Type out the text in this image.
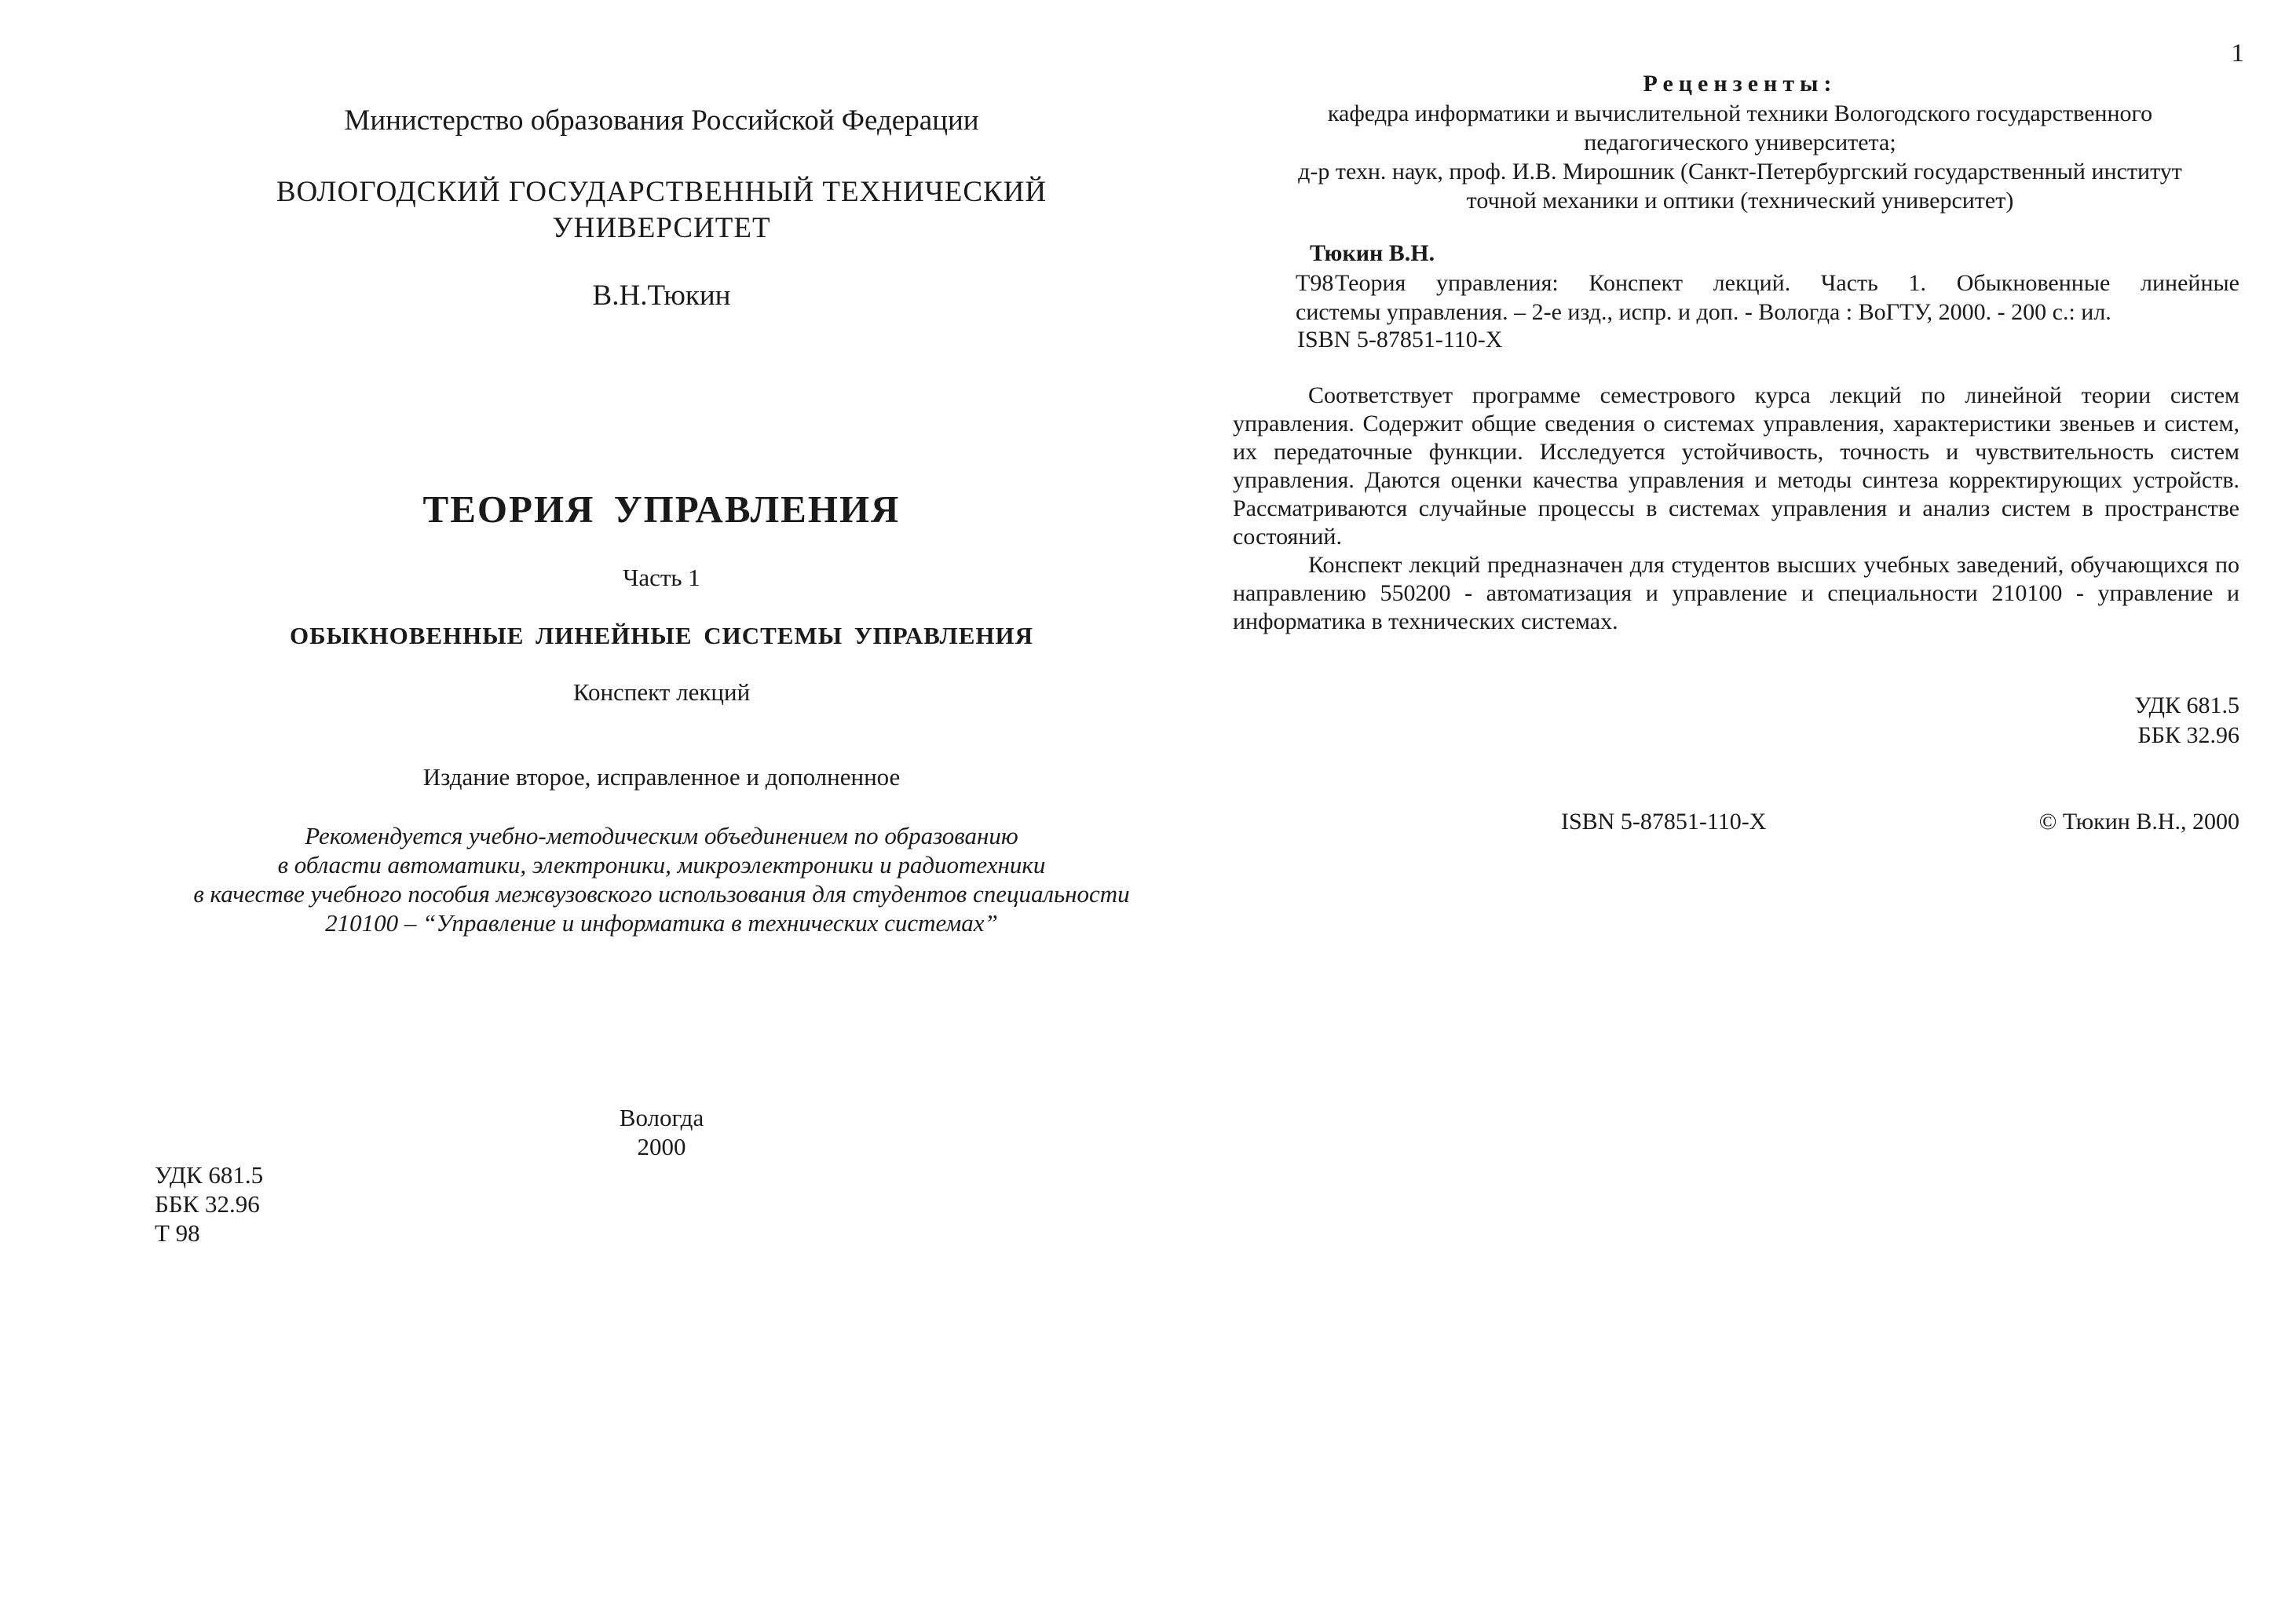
Министерство образования Российской Федерации
ВОЛОГОДСКИЙ ГОСУДАРСТВЕННЫЙ ТЕХНИЧЕСКИЙ
УНИВЕРСИТЕТ
В.Н.Тюкин
ТЕОРИЯ УПРАВЛЕНИЯ
Часть 1
ОБЫКНОВЕННЫЕ ЛИНЕЙНЫЕ СИСТЕМЫ УПРАВЛЕНИЯ
Конспект лекций
Издание второе, исправленное и дополненное
Рекомендуется учебно-методическим объединением по образованию
в области автоматики, электроники, микроэлектроники и радиотехники
в качестве учебного пособия межвузовского использования для студентов специальности
210100 – “Управление и информатика в технических системах”
Вологда
2000
УДК 681.5
ББК 32.96
Т 98
1
Рецензенты:
кафедра информатики и вычислительной техники Вологодского государственного
педагогического университета;
д-р техн. наук, проф. И.В. Мирошник (Санкт-Петербургский государственный институт
точной механики и оптики (технический университет)
Тюкин В.Н.
Т98Теория управления: Конспект лекций. Часть 1. Обыкновенные линейные
системы управления. – 2-е изд., испр. и доп. - Вологда : ВоГТУ, 2000. - 200 с.: ил.
ISBN 5-87851-110-X

Соответствует программе семестрового курса лекций по линейной теории систем управления. Содержит общие сведения о системах управления, характеристики звеньев и систем, их передаточные функции. Исследуется устойчивость, точность и чувствительность систем управления. Даются оценки качества управления и методы синтеза корректирующих устройств. Рассматриваются случайные процессы в системах управления и анализ систем в пространстве состояний.

Конспект лекций предназначен для студентов высших учебных заведений, обучающихся по направлению 550200 - автоматизация и управление и специальности 210100 - управление и информатика в технических системах.

УДК 681.5
ББК 32.96
ISBN 5-87851-110-X	© Тюкин В.Н., 2000
